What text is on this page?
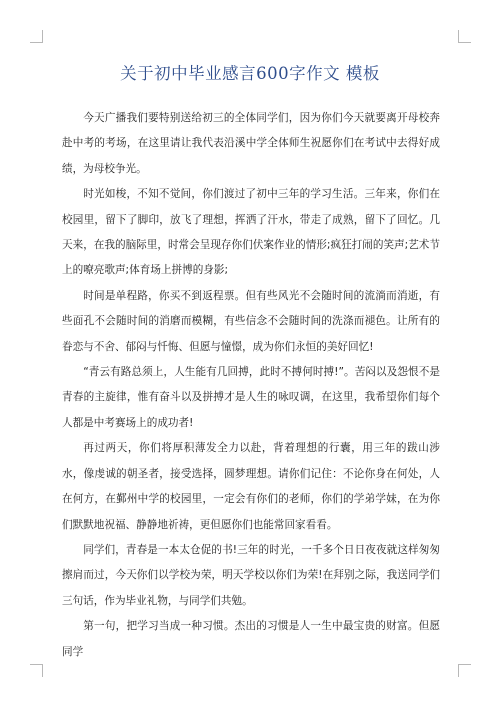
关于初中毕业感言600字作文 模板

今天广播我们要特别送给初三的全体同学们，因为你们今天就要离开母校奔赴中考的考场，在这里请让我代表沿溪中学全体师生祝愿你们在考试中去得好成绩，为母校争光。

时光如梭，不知不觉间，你们渡过了初中三年的学习生活。三年来，你们在校园里，留下了脚印，放飞了理想，挥洒了汗水，带走了成熟，留下了回忆。几天来，在我的脑际里，时常会呈现存你们伏案作业的情形;疯狂打闹的笑声;艺术节上的嘹亮歌声;体育场上拼博的身影;

时间是单程路，你买不到返程票。但有些风光不会随时间的流淌而消逝，有些面孔不会随时间的消磨而模糊，有些信念不会随时间的洗涤而褪色。让所有的眷恋与不舍、郁闷与忏悔、但愿与憧憬，成为你们永恒的美好回忆!

“青云有路总须上，人生能有几回搏，此时不搏何时搏!”。苦闷以及怨恨不是青春的主旋律，惟有奋斗以及拼搏才是人生的咏叹调，在这里，我希望你们每个人都是中考赛场上的成功者!

再过两天，你们将厚积薄发全力以赴，背着理想的行囊，用三年的跋山涉水，像虔诚的朝圣者，接受选择，圆梦理想。请你们记住：不论你身在何处，人在何方，在鄞州中学的校园里，一定会有你们的老师，你们的学弟学妹，在为你们默默地祝福、静静地祈祷，更但愿你们也能常回家看看。

同学们，青春是一本太仓促的书!三年的时光，一千多个日日夜夜就这样匆匆擦肩而过，今天你们以学校为荣，明天学校以你们为荣!在拜别之际，我送同学们三句话，作为毕业礼物，与同学们共勉。

第一句，把学习当成一种习惯。杰出的习惯是人一生中最宝贵的财富。但愿同学
